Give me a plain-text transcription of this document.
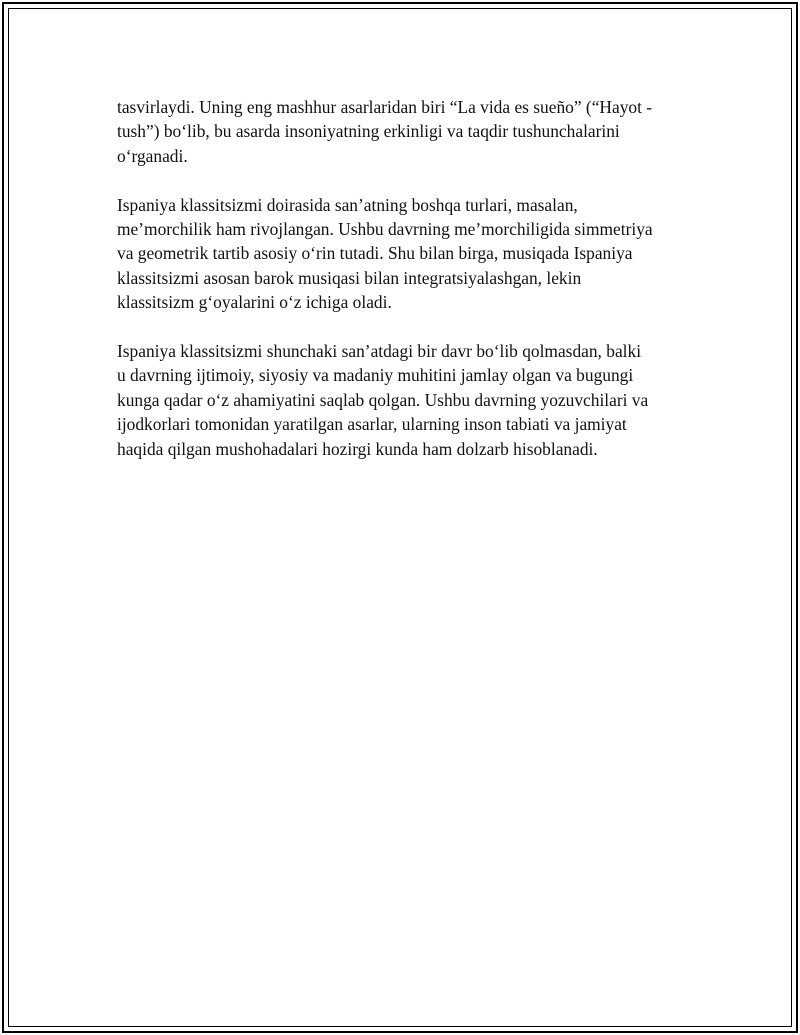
tasvirlaydi. Uning eng mashhur asarlaridan biri “La vida es sueño” (“Hayot -
tush”) bo‘lib, bu asarda insoniyatning erkinligi va taqdir tushunchalarini
o‘rganadi.

Ispaniya klassitsizmi doirasida san’atning boshqa turlari, masalan,
me’morchilik ham rivojlangan. Ushbu davrning me’morchiligida simmetriya
va geometrik tartib asosiy o‘rin tutadi. Shu bilan birga, musiqada Ispaniya
klassitsizmi asosan barok musiqasi bilan integratsiyalashgan, lekin
klassitsizm g‘oyalarini o‘z ichiga oladi.

Ispaniya klassitsizmi shunchaki san’atdagi bir davr bo‘lib qolmasdan, balki
u davrning ijtimoiy, siyosiy va madaniy muhitini jamlay olgan va bugungi
kunga qadar o‘z ahamiyatini saqlab qolgan. Ushbu davrning yozuvchilari va
ijodkorlari tomonidan yaratilgan asarlar, ularning inson tabiati va jamiyat
haqida qilgan mushohadalari hozirgi kunda ham dolzarb hisoblanadi.
